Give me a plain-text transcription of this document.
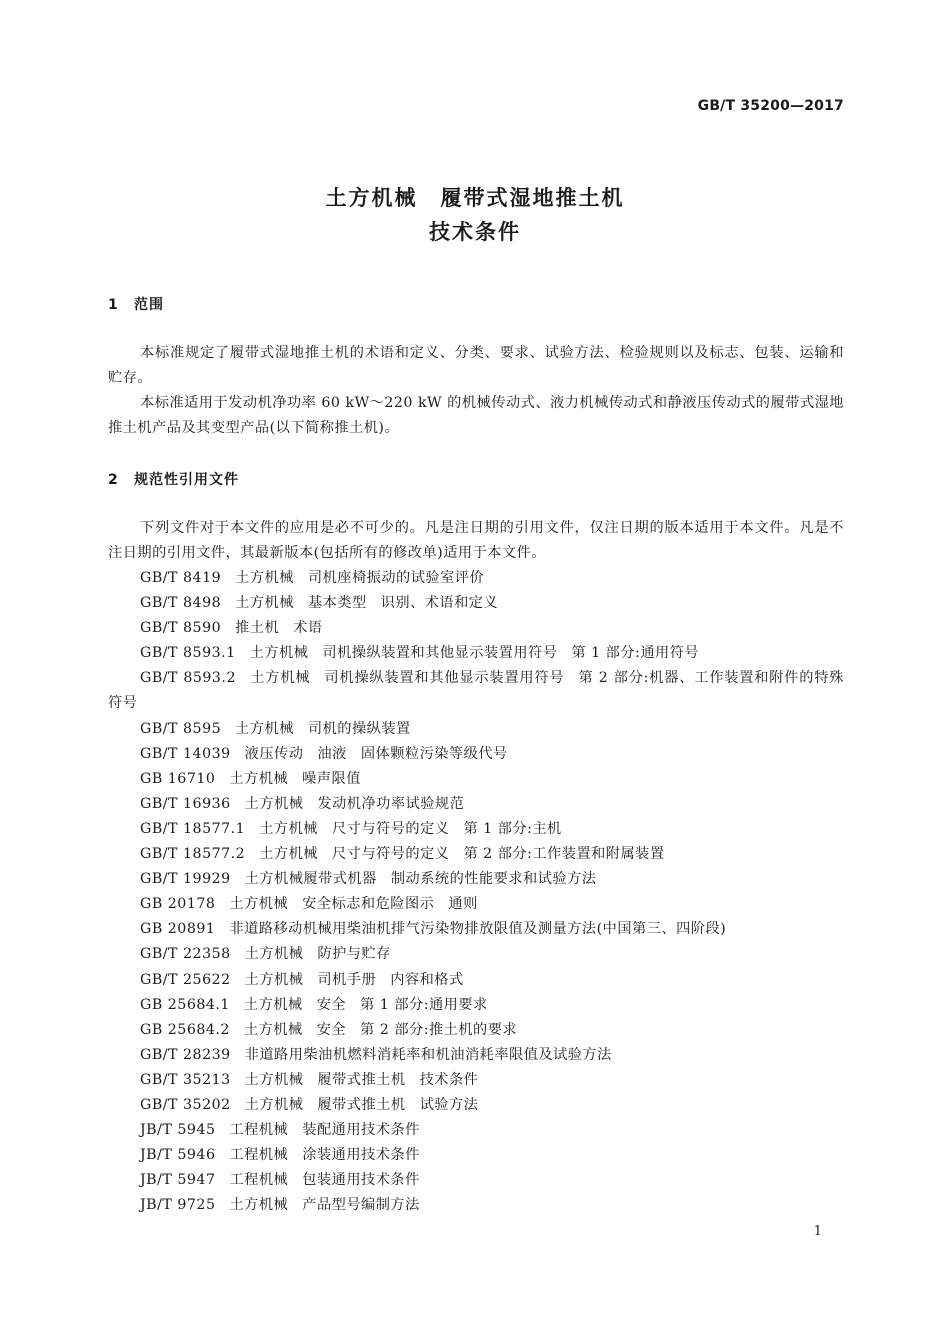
GB/T 35200—2017
土方机械　履带式湿地推土机
技术条件
1 范围

本标准规定了履带式湿地推土机的术语和定义、分类、要求、试验方法、检验规则以及标志、包装、运输和贮存。

本标准适用于发动机净功率 60 kW～220 kW 的机械传动式、液力机械传动式和静液压传动式的履带式湿地推土机产品及其变型产品(以下简称推土机)。

2 规范性引用文件

下列文件对于本文件的应用是必不可少的。凡是注日期的引用文件，仅注日期的版本适用于本文件。凡是不注日期的引用文件，其最新版本(包括所有的修改单)适用于本文件。

GB/T 8419 土方机械 司机座椅振动的试验室评价
GB/T 8498 土方机械 基本类型 识别、术语和定义
GB/T 8590 推土机 术语
GB/T 8593.1 土方机械 司机操纵装置和其他显示装置用符号 第 1 部分:通用符号
GB/T 8593.2 土方机械 司机操纵装置和其他显示装置用符号 第 2 部分:机器、工作装置和附件的特殊符号
GB/T 8595 土方机械 司机的操纵装置
GB/T 14039 液压传动 油液 固体颗粒污染等级代号
GB 16710 土方机械 噪声限值
GB/T 16936 土方机械 发动机净功率试验规范
GB/T 18577.1 土方机械 尺寸与符号的定义 第 1 部分:主机
GB/T 18577.2 土方机械 尺寸与符号的定义 第 2 部分:工作装置和附属装置
GB/T 19929 土方机械履带式机器 制动系统的性能要求和试验方法
GB 20178 土方机械 安全标志和危险图示 通则
GB 20891 非道路移动机械用柴油机排气污染物排放限值及测量方法(中国第三、四阶段)
GB/T 22358 土方机械 防护与贮存
GB/T 25622 土方机械 司机手册 内容和格式
GB 25684.1 土方机械 安全 第 1 部分:通用要求
GB 25684.2 土方机械 安全 第 2 部分:推土机的要求
GB/T 28239 非道路用柴油机燃料消耗率和机油消耗率限值及试验方法
GB/T 35213 土方机械 履带式推土机 技术条件
GB/T 35202 土方机械 履带式推土机 试验方法
JB/T 5945 工程机械 装配通用技术条件
JB/T 5946 工程机械 涂装通用技术条件
JB/T 5947 工程机械 包装通用技术条件
JB/T 9725 土方机械 产品型号编制方法
1
